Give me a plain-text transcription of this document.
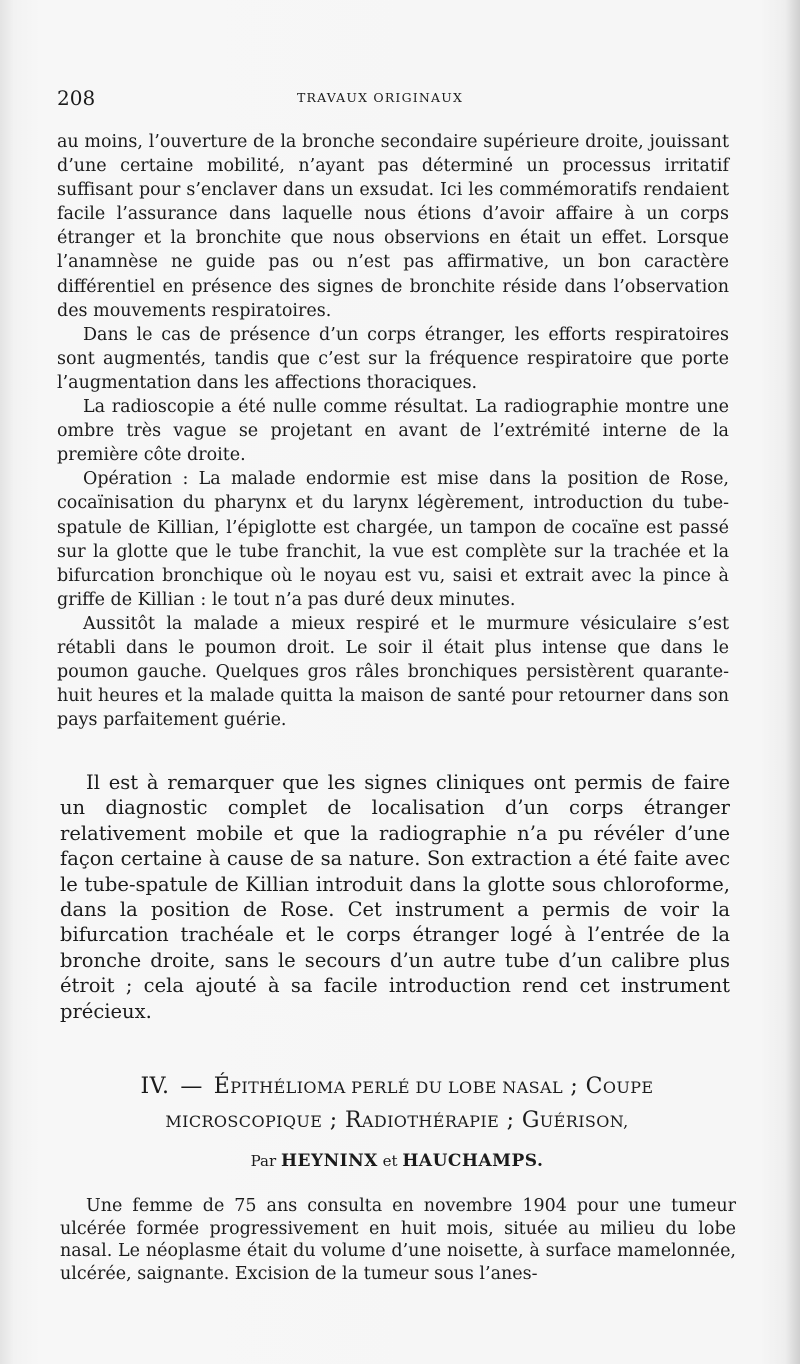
208	TRAVAUX ORIGINAUX

au moins, l’ouverture de la bronche secondaire supérieure droite, jouissant d’une certaine mobilité, n’ayant pas déterminé un processus irritatif suffisant pour s’enclaver dans un exsudat. Ici les commémoratifs rendaient facile l’assurance dans laquelle nous étions d’avoir affaire à un corps étranger et la bronchite que nous observions en était un effet. Lorsque l’anamnèse ne guide pas ou n’est pas affirmative, un bon caractère différentiel en présence des signes de bronchite réside dans l’observation des mouvements respiratoires.

Dans le cas de présence d’un corps étranger, les efforts respiratoires sont augmentés, tandis que c’est sur la fréquence respiratoire que porte l’augmentation dans les affections thoraciques.

La radioscopie a été nulle comme résultat. La radiographie montre une ombre très vague se projetant en avant de l’extrémité interne de la première côte droite.

Opération : La malade endormie est mise dans la position de Rose, cocaïnisation du pharynx et du larynx légèrement, introduction du tube-spatule de Killian, l’épiglotte est chargée, un tampon de cocaïne est passé sur la glotte que le tube franchit, la vue est complète sur la trachée et la bifurcation bronchique où le noyau est vu, saisi et extrait avec la pince à griffe de Killian : le tout n’a pas duré deux minutes.

Aussitôt la malade a mieux respiré et le murmure vésiculaire s’est rétabli dans le poumon droit. Le soir il était plus intense que dans le poumon gauche. Quelques gros râles bronchiques persistèrent quarante-huit heures et la malade quitta la maison de santé pour retourner dans son pays parfaitement guérie.

Il est à remarquer que les signes cliniques ont permis de faire un diagnostic complet de localisation d’un corps étranger relativement mobile et que la radiographie n’a pu révéler d’une façon certaine à cause de sa nature. Son extraction a été faite avec le tube-spatule de Killian introduit dans la glotte sous chloroforme, dans la position de Rose. Cet instrument a permis de voir la bifurcation trachéale et le corps étranger logé à l’entrée de la bronche droite, sans le secours d’un autre tube d’un calibre plus étroit ; cela ajouté à sa facile introduction rend cet instrument précieux.

IV. — ÉPITHÉLIOMA PERLÉ DU LOBE NASAL ; COUPE
MICROSCOPIQUE ; RADIOTHÉRAPIE ; GUÉRISON,
Par HEYNINX et HAUCHAMPS.

Une femme de 75 ans consulta en novembre 1904 pour une tumeur ulcérée formée progressivement en huit mois, située au milieu du lobe nasal. Le néoplasme était du volume d’une noisette, à surface mamelonnée, ulcérée, saignante. Excision de la tumeur sous l’anes-
